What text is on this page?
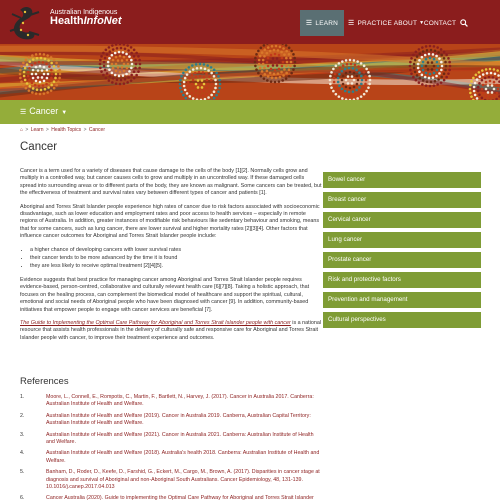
Australian Indigenous
HealthInfoNet	☰ LEARN ☰ PRACTICE ABOUT ▼ CONTACT
☰ Cancer ▼
⌂ > Learn > Health Topics > Cancer
Cancer

Cancer is a term used for a variety of diseases that cause damage to the cells of the body [1][2]. Normally cells grow and multiply in a controlled way, but cancer causes cells to grow and multiply in an uncontrolled way. If these damaged cells spread into surrounding areas or to different parts of the body, they are known as malignant. Some cancers can be treated, but the effectiveness of treatment and survival rates vary between different types of cancer and patients [1].

Aboriginal and Torres Strait Islander people experience high rates of cancer due to risk factors associated with socioeconomic disadvantage, such as lower education and employment rates and poor access to health services – especially in remote regions of Australia. In addition, greater instances of modifiable risk behaviours like sedentary behaviour and smoking, means that for some cancers, such as lung cancer, there are lower survival and higher mortality rates [2][3][4]. Other factors that influence cancer outcomes for Aboriginal and Torres Strait Islander people include:

• a higher chance of developing cancers with lower survival rates
• their cancer tends to be more advanced by the time it is found
• they are less likely to receive optimal treatment [2][4][5].

Evidence suggests that best practice for managing cancer among Aboriginal and Torres Strait Islander people requires evidence-based, person-centred, collaborative and culturally relevant health care [6][7][8]. Taking a holistic approach, that focuses on the healing process, can complement the biomedical model of healthcare and support the spiritual, cultural, emotional and social needs of Aboriginal people who have been diagnosed with cancer [9]. In addition, community-based initiatives that empower people to engage with cancer services are beneficial [7].

The Guide to Implementing the Optimal Care Pathway for Aboriginal and Torres Strait Islander people with cancer is a national resource that assists health professionals in the delivery of culturally safe and responsive care for Aboriginal and Torres Strait Islander people with cancer, to improve their treatment experience and outcomes.

Bowel cancer
Breast cancer
Cervical cancer
Lung cancer
Prostate cancer
Risk and protective factors
Prevention and management
Cultural perspectives
References
1.	Moore, L., Connell, E., Rompotis, C., Martin, F., Bartlett, N., Harvey, J. (2017). Cancer in Australia 2017. Canberra: Australian Institute of Health and Welfare.
2.	Australian Institute of Health and Welfare (2019). Cancer in Australia 2019. Canberra, Australian Capital Territory: Australian Institute of Health and Welfare.
3.	Australian Institute of Health and Welfare (2021). Cancer in Australia 2021. Canberra: Australian Institute of Health and Welfare.
4.	Australian Institute of Health and Welfare (2018). Australia's health 2018. Canberra: Australian Institute of Health and Welfare.
5.	Banham, D., Roder, D., Keefe, D., Farshid, G., Eckert, M., Cargo, M., Brown, A. (2017). Disparities in cancer stage at diagnosis and survival of Aboriginal and non-Aboriginal South Australians. Cancer Epidemiology, 48, 131-139. 10.1016/j.canep.2017.04.013
6.	Cancer Australia (2020). Guide to implementing the Optimal Care Pathway for Aboriginal and Torres Strait Islander
